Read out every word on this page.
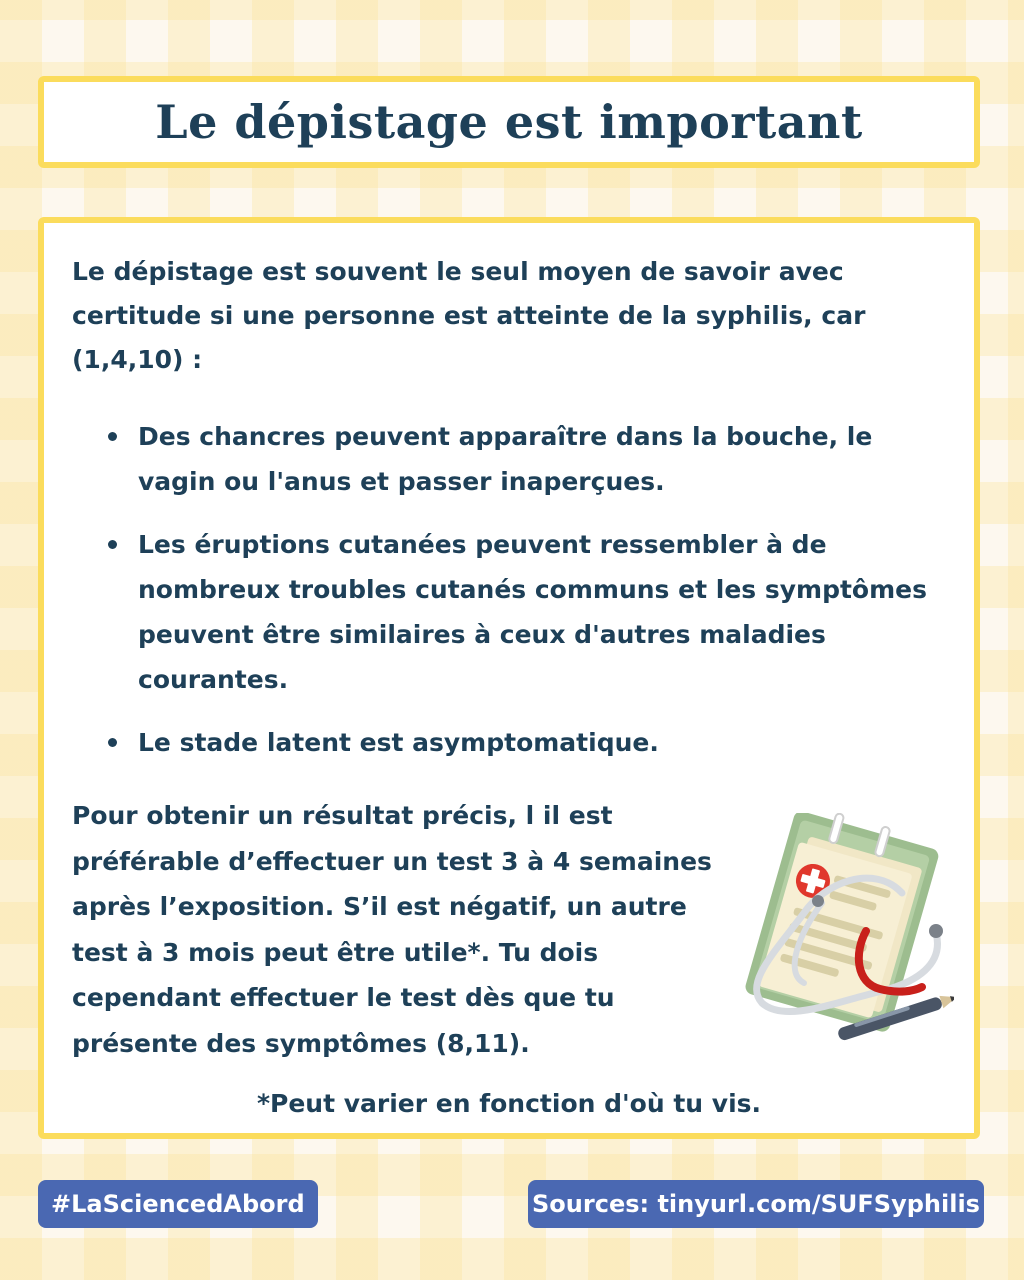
Le dépistage est important

Le dépistage est souvent le seul moyen de savoir avec certitude si une personne est atteinte de la syphilis, car (1,4,10) :

Des chancres peuvent apparaître dans la bouche, le vagin ou l'anus et passer inaperçues.
Les éruptions cutanées peuvent ressembler à de nombreux troubles cutanés communs et les symptômes peuvent être similaires à ceux d'autres maladies courantes.
Le stade latent est asymptomatique.

Pour obtenir un résultat précis, l il est préférable d’effectuer un test 3 à 4 semaines après l’exposition. S’il est négatif, un autre test à 3 mois peut être utile*. Tu dois cependant effectuer le test dès que tu présente des symptômes (8,11).

*Peut varier en fonction d'où tu vis.

#LaSciencedAbord	Sources: tinyurl.com/SUFSyphilis
